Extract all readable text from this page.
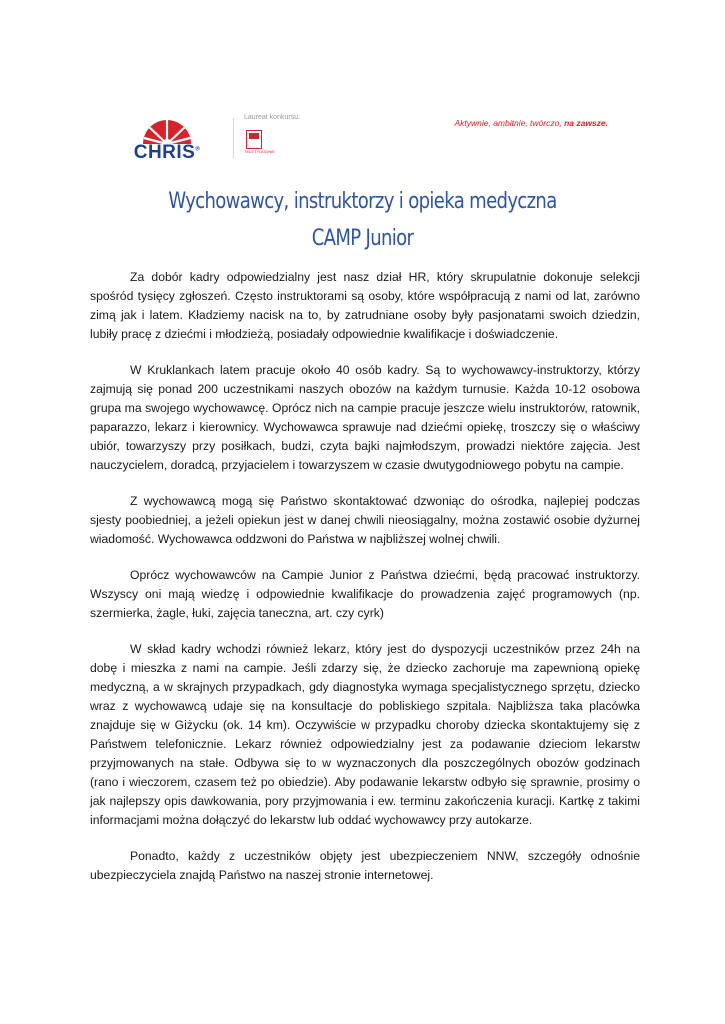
CHRIS®
Laureat konkursu:
TELETYGODNIE
Aktywnie, ambitnie, twórczo, na zawsze.
Wychowawcy, instruktorzy i opieka medyczna
CAMP Junior

Za dobór kadry odpowiedzialny jest nasz dział HR, który skrupulatnie dokonuje selekcji spośród tysięcy zgłoszeń. Często instruktorami są osoby, które współpracują z nami od lat, zarówno zimą jak i latem. Kładziemy nacisk na to, by zatrudniane osoby były pasjonatami swoich dziedzin, lubiły pracę z dziećmi i młodzieżą, posiadały odpowiednie kwalifikacje i doświadczenie.

W Kruklankach latem pracuje około 40 osób kadry. Są to wychowawcy-instruktorzy, którzy zajmują się ponad 200 uczestnikami naszych obozów na każdym turnusie. Każda 10-12 osobowa grupa ma swojego wychowawcę. Oprócz nich na campie pracuje jeszcze wielu instruktorów, ratownik, paparazzo, lekarz i kierownicy. Wychowawca sprawuje nad dziećmi opiekę, troszczy się o właściwy ubiór, towarzyszy przy posiłkach, budzi, czyta bajki najmłodszym, prowadzi niektóre zajęcia. Jest nauczycielem, doradcą, przyjacielem i towarzyszem w czasie dwutygodniowego pobytu na campie.

Z wychowawcą mogą się Państwo skontaktować dzwoniąc do ośrodka, najlepiej podczas sjesty poobiedniej, a jeżeli opiekun jest w danej chwili nieosiągalny, można zostawić osobie dyżurnej wiadomość. Wychowawca oddzwoni do Państwa w najbliższej wolnej chwili.

Oprócz wychowawców na Campie Junior z Państwa dziećmi, będą pracować instruktorzy. Wszyscy oni mają wiedzę i odpowiednie kwalifikacje do prowadzenia zajęć programowych (np. szermierka, żagle, łuki, zajęcia taneczna, art. czy cyrk)

W skład kadry wchodzi również lekarz, który jest do dyspozycji uczestników przez 24h na dobę i mieszka z nami na campie. Jeśli zdarzy się, że dziecko zachoruje ma zapewnioną opiekę medyczną, a w skrajnych przypadkach, gdy diagnostyka wymaga specjalistycznego sprzętu, dziecko wraz z wychowawcą udaje się na konsultacje do pobliskiego szpitala. Najbliższa taka placówka znajduje się w Giżycku (ok. 14 km). Oczywiście w przypadku choroby dziecka skontaktujemy się z Państwem telefonicznie. Lekarz również odpowiedzialny jest za podawanie dzieciom lekarstw przyjmowanych na stałe. Odbywa się to w wyznaczonych dla poszczególnych obozów godzinach (rano i wieczorem, czasem też po obiedzie). Aby podawanie lekarstw odbyło się sprawnie, prosimy o jak najlepszy opis dawkowania, pory przyjmowania i ew. terminu zakończenia kuracji. Kartkę z takimi informacjami można dołączyć do lekarstw lub oddać wychowawcy przy autokarze.

Ponadto, każdy z uczestników objęty jest ubezpieczeniem NNW, szczegóły odnośnie ubezpieczyciela znajdą Państwo na naszej stronie internetowej.
